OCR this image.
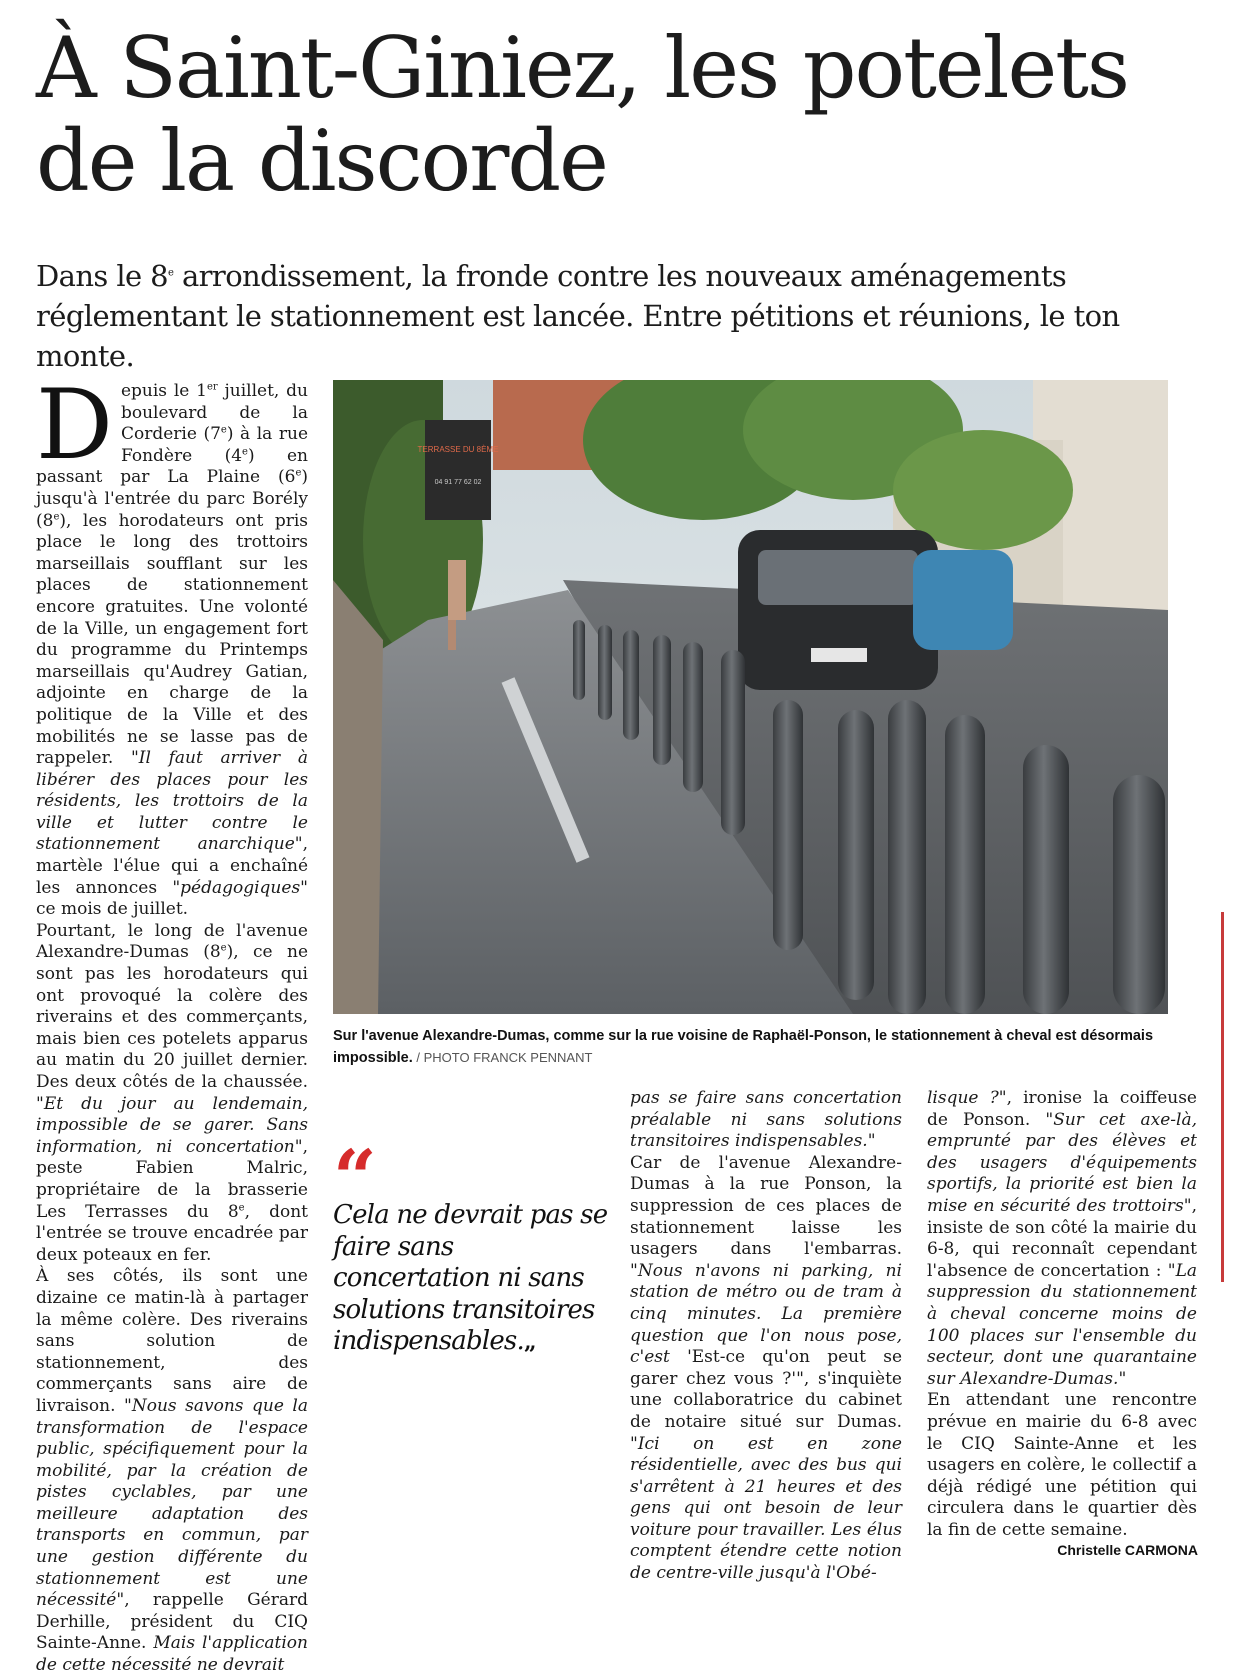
À Saint-Giniez, les potelets de la discorde

Dans le 8e arrondissement, la fronde contre les nouveaux aménagements réglementant le stationnement est lancée. Entre pétitions et réunions, le ton monte.

Depuis le 1er juillet, du boulevard de la Corderie (7e) à la rue Fondère (4e) en passant par La Plaine (6e) jusqu'à l'entrée du parc Borély (8e), les horodateurs ont pris place le long des trottoirs marseillais soufflant sur les places de stationnement encore gratuites. Une volonté de la Ville, un engagement fort du programme du Printemps marseillais qu'Audrey Gatian, adjointe en charge de la politique de la Ville et des mobilités ne se lasse pas de rappeler. "Il faut arriver à libérer des places pour les résidents, les trottoirs de la ville et lutter contre le stationnement anarchique", martèle l'élue qui a enchaîné les annonces "pédagogiques" ce mois de juillet.

Pourtant, le long de l'avenue Alexandre-Dumas (8e), ce ne sont pas les horodateurs qui ont provoqué la colère des riverains et des commerçants, mais bien ces potelets apparus au matin du 20 juillet dernier. Des deux côtés de la chaussée. "Et du jour au lendemain, impossible de se garer. Sans information, ni concertation", peste Fabien Malric, propriétaire de la brasserie Les Terrasses du 8e, dont l'entrée se trouve encadrée par deux poteaux en fer.

À ses côtés, ils sont une dizaine ce matin-là à partager la même colère. Des riverains sans solution de stationnement, des commerçants sans aire de livraison. "Nous savons que la transformation de l'espace public, spécifiquement pour la mobilité, par la création de pistes cyclables, par une meilleure adaptation des transports en commun, par une gestion différente du stationnement est une nécessité", rappelle Gérard Derhille, président du CIQ Sainte-Anne. Mais l'application de cette nécessité ne devrait

TERRASSE DU 8ÈME
04 91 77 62 02

Sur l'avenue Alexandre-Dumas, comme sur la rue voisine de Raphaël-Ponson, le stationnement à cheval est désormais impossible. / PHOTO FRANCK PENNANT

“

Cela ne devrait pas se faire sans concertation ni sans solutions transitoires indispensables.„

pas se faire sans concertation préalable ni sans solutions transitoires indispensables."

Car de l'avenue Alexandre-Dumas à la rue Ponson, la suppression de ces places de stationnement laisse les usagers dans l'embarras. "Nous n'avons ni parking, ni station de métro ou de tram à cinq minutes. La première question que l'on nous pose, c'est 'Est-ce qu'on peut se garer chez vous ?'", s'inquiète une collaboratrice du cabinet de notaire situé sur Dumas. "Ici on est en zone résidentielle, avec des bus qui s'arrêtent à 21 heures et des gens qui ont besoin de leur voiture pour travailler. Les élus comptent étendre cette notion de centre-ville jusqu'à l'Obé-

lisque ?", ironise la coiffeuse de Ponson. "Sur cet axe-là, emprunté par des élèves et des usagers d'équipements sportifs, la priorité est bien la mise en sécurité des trottoirs", insiste de son côté la mairie du 6-8, qui reconnaît cependant l'absence de concertation : "La suppression du stationnement à cheval concerne moins de 100 places sur l'ensemble du secteur, dont une quarantaine sur Alexandre-Dumas."

En attendant une rencontre prévue en mairie du 6-8 avec le CIQ Sainte-Anne et les usagers en colère, le collectif a déjà rédigé une pétition qui circulera dans le quartier dès la fin de cette semaine.

Christelle CARMONA
